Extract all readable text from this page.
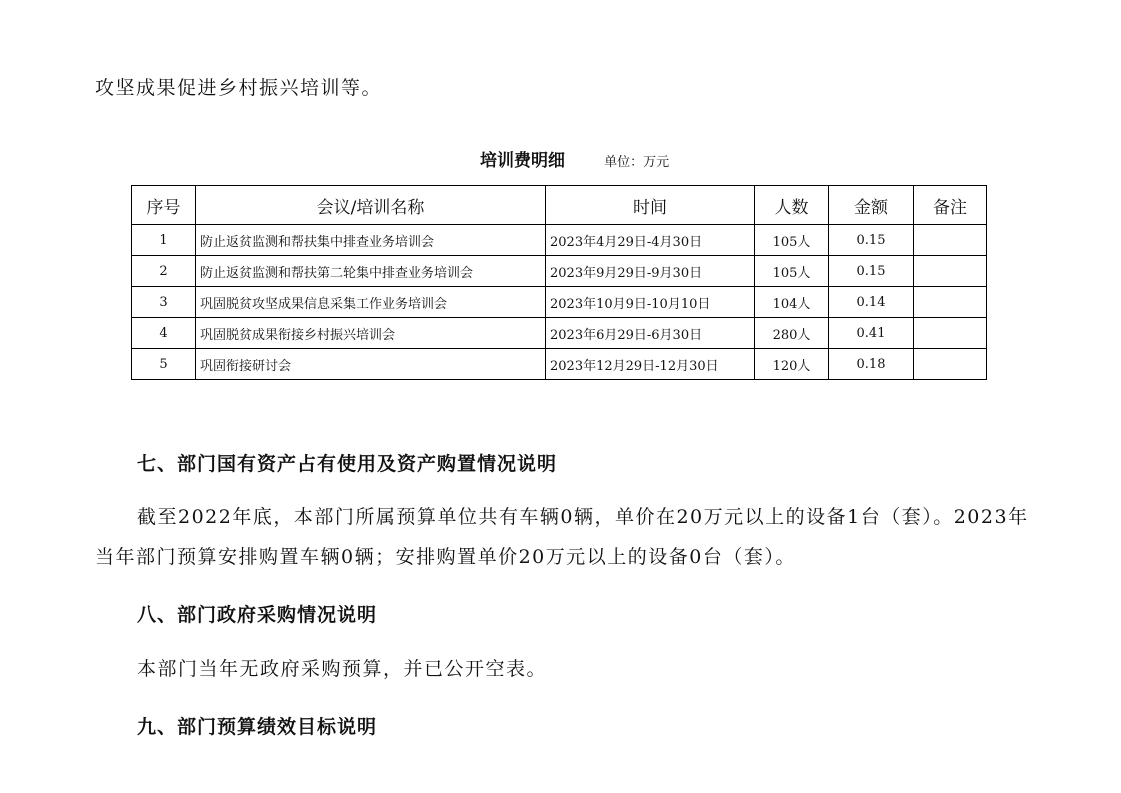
攻坚成果促进乡村振兴培训等。

培训费明细	单位：万元
序号	会议/培训名称	时间	人数	金额	备注
1	防止返贫监测和帮扶集中排查业务培训会	2023年4月29日-4月30日	105人	0.15	
2	防止返贫监测和帮扶第二轮集中排查业务培训会	2023年9月29日-9月30日	105人	0.15	
3	巩固脱贫攻坚成果信息采集工作业务培训会	2023年10月9日-10月10日	104人	0.14	
4	巩固脱贫成果衔接乡村振兴培训会	2023年6月29日-6月30日	280人	0.41	
5	巩固衔接研讨会	2023年12月29日-12月30日	120人	0.18	
七、部门国有资产占有使用及资产购置情况说明

截至2022年底，本部门所属预算单位共有车辆0辆，单价在20万元以上的设备1台（套）。2023年

当年部门预算安排购置车辆0辆；安排购置单价20万元以上的设备0台（套）。

八、部门政府采购情况说明

本部门当年无政府采购预算，并已公开空表。

九、部门预算绩效目标说明
